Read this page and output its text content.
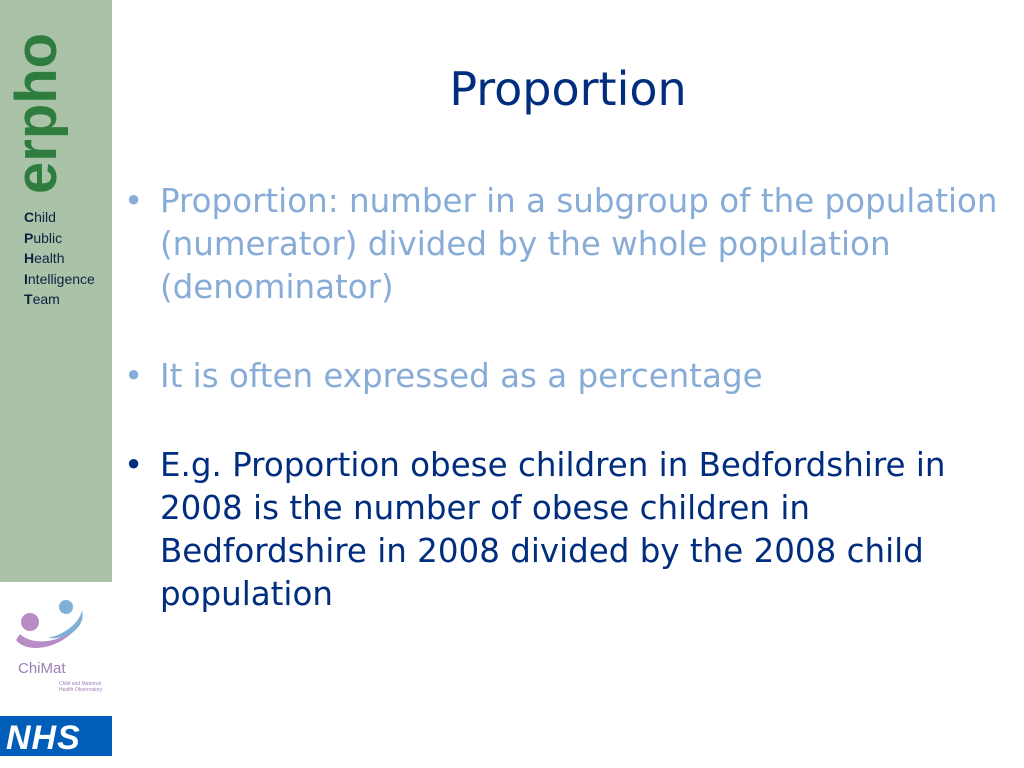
erpho
Child
Public
Health
Intelligence
Team
ChiMat
Child and Maternal Health Observatory
NHS
Proportion
• Proportion: number in a subgroup of the population (numerator) divided by the whole population (denominator)
• It is often expressed as a percentage
• E.g. Proportion obese children in Bedfordshire in 2008 is the number of obese children in Bedfordshire in 2008 divided by the 2008 child population
